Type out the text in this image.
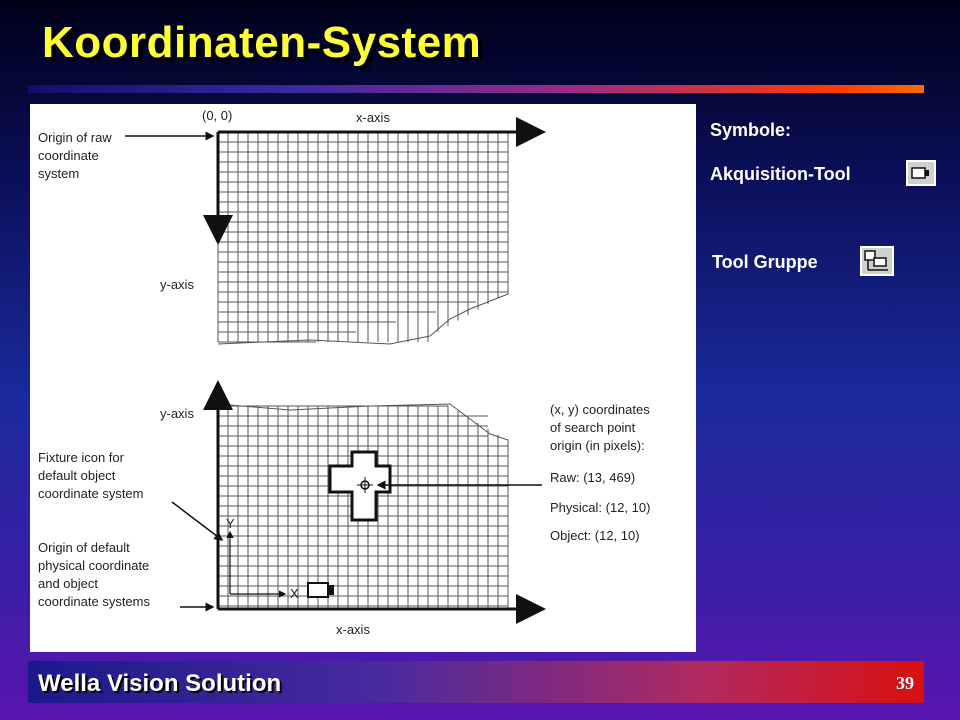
Koordinaten-System
(0, 0)	x-axis
y-axis
Origin of raw
coordinate
system
X
Y
y-axis
x-axis
Fixture icon for
default object
coordinate system
Origin of default
physical coordinate
and object
coordinate systems
(x, y) coordinates
of search point
origin (in pixels):
Raw: (13, 469)
Physical: (12, 10)
Object: (12, 10)
Symbole:
Akquisition-Tool
Tool Gruppe
Wella Vision Solution	39
